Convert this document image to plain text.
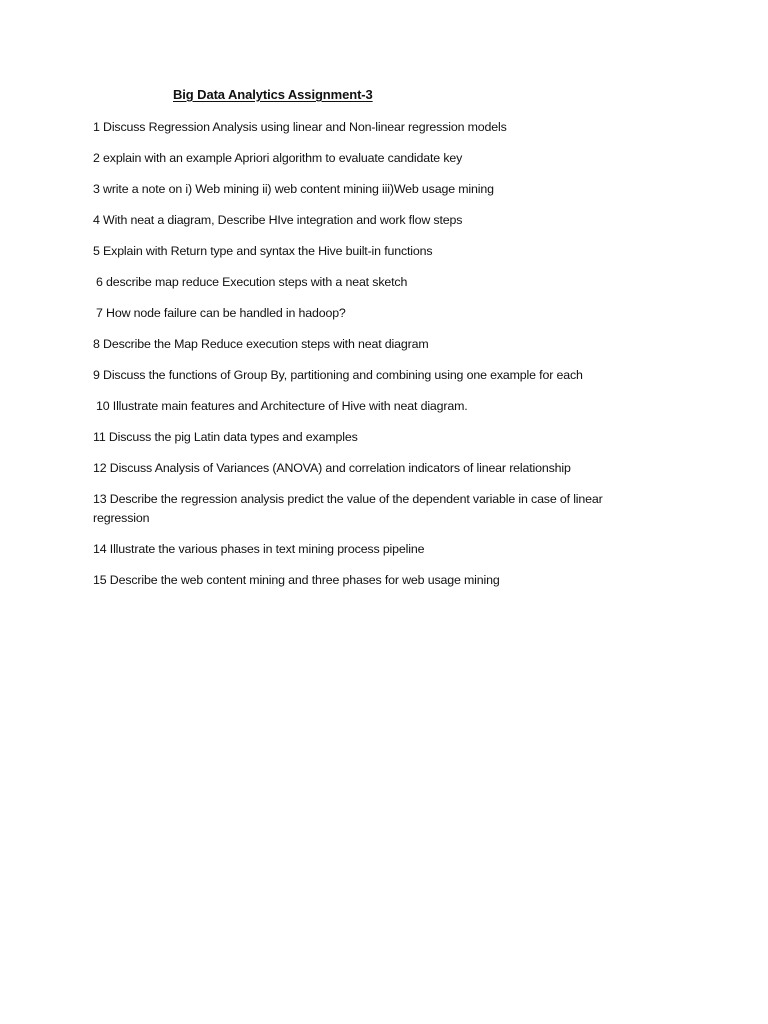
Big Data Analytics Assignment-3
1 Discuss Regression Analysis using linear and Non-linear regression models
2 explain with an example Apriori algorithm to evaluate candidate key
3 write a note on i) Web mining ii) web content mining iii)Web usage mining
4 With neat a diagram, Describe HIve integration and work flow steps
5 Explain with Return type and syntax the Hive built-in functions
6 describe map reduce Execution steps with a neat sketch
7 How node failure can be handled in hadoop?
8 Describe the Map Reduce execution steps with neat diagram
9 Discuss the functions of Group By, partitioning and combining using one example for each
10 Illustrate main features and Architecture of Hive with neat diagram.
11 Discuss the pig Latin data types and examples
12 Discuss Analysis of Variances (ANOVA) and correlation indicators of linear relationship
13 Describe the regression analysis predict the value of the dependent variable in case of linear regression
14 Illustrate the various phases in text mining process pipeline
15 Describe the web content mining and three phases for web usage mining
